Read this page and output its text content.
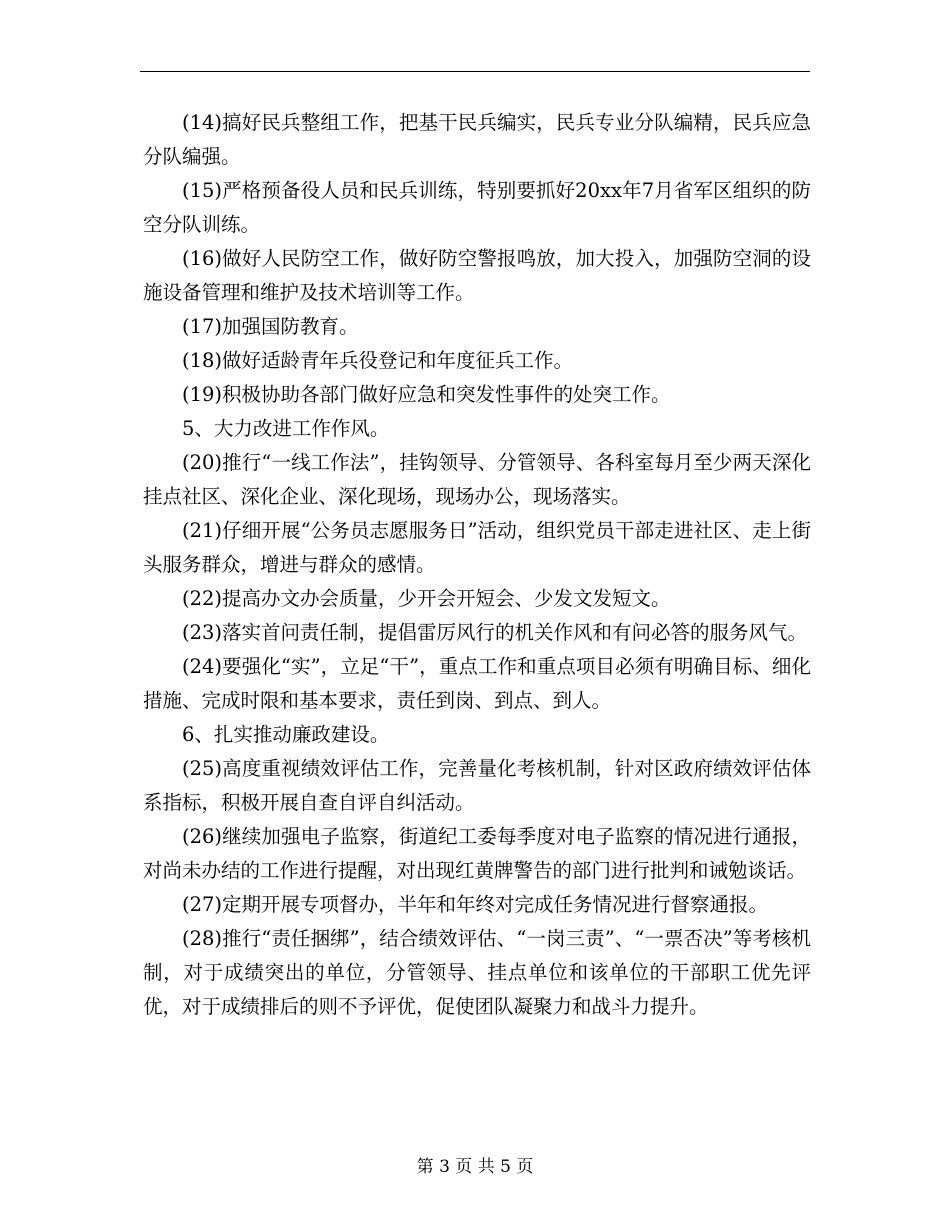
(14)搞好民兵整组工作，把基干民兵编实，民兵专业分队编精，民兵应急分队编强。

(15)严格预备役人员和民兵训练，特别要抓好20xx年7月省军区组织的防空分队训练。

(16)做好人民防空工作，做好防空警报鸣放，加大投入，加强防空洞的设施设备管理和维护及技术培训等工作。

(17)加强国防教育。

(18)做好适龄青年兵役登记和年度征兵工作。

(19)积极协助各部门做好应急和突发性事件的处突工作。

5、大力改进工作作风。

(20)推行“一线工作法”，挂钩领导、分管领导、各科室每月至少两天深化挂点社区、深化企业、深化现场，现场办公，现场落实。

(21)仔细开展“公务员志愿服务日”活动，组织党员干部走进社区、走上街头服务群众，增进与群众的感情。

(22)提高办文办会质量，少开会开短会、少发文发短文。

(23)落实首问责任制，提倡雷厉风行的机关作风和有问必答的服务风气。

(24)要强化“实”，立足“干”，重点工作和重点项目必须有明确目标、细化措施、完成时限和基本要求，责任到岗、到点、到人。

6、扎实推动廉政建设。

(25)高度重视绩效评估工作，完善量化考核机制，针对区政府绩效评估体系指标，积极开展自查自评自纠活动。

(26)继续加强电子监察，街道纪工委每季度对电子监察的情况进行通报，对尚未办结的工作进行提醒，对出现红黄牌警告的部门进行批判和诫勉谈话。

(27)定期开展专项督办，半年和年终对完成任务情况进行督察通报。

(28)推行“责任捆绑”，结合绩效评估、“一岗三责”、“一票否决”等考核机制，对于成绩突出的单位，分管领导、挂点单位和该单位的干部职工优先评优，对于成绩排后的则不予评优，促使团队凝聚力和战斗力提升。

第 3 页 共 5 页
